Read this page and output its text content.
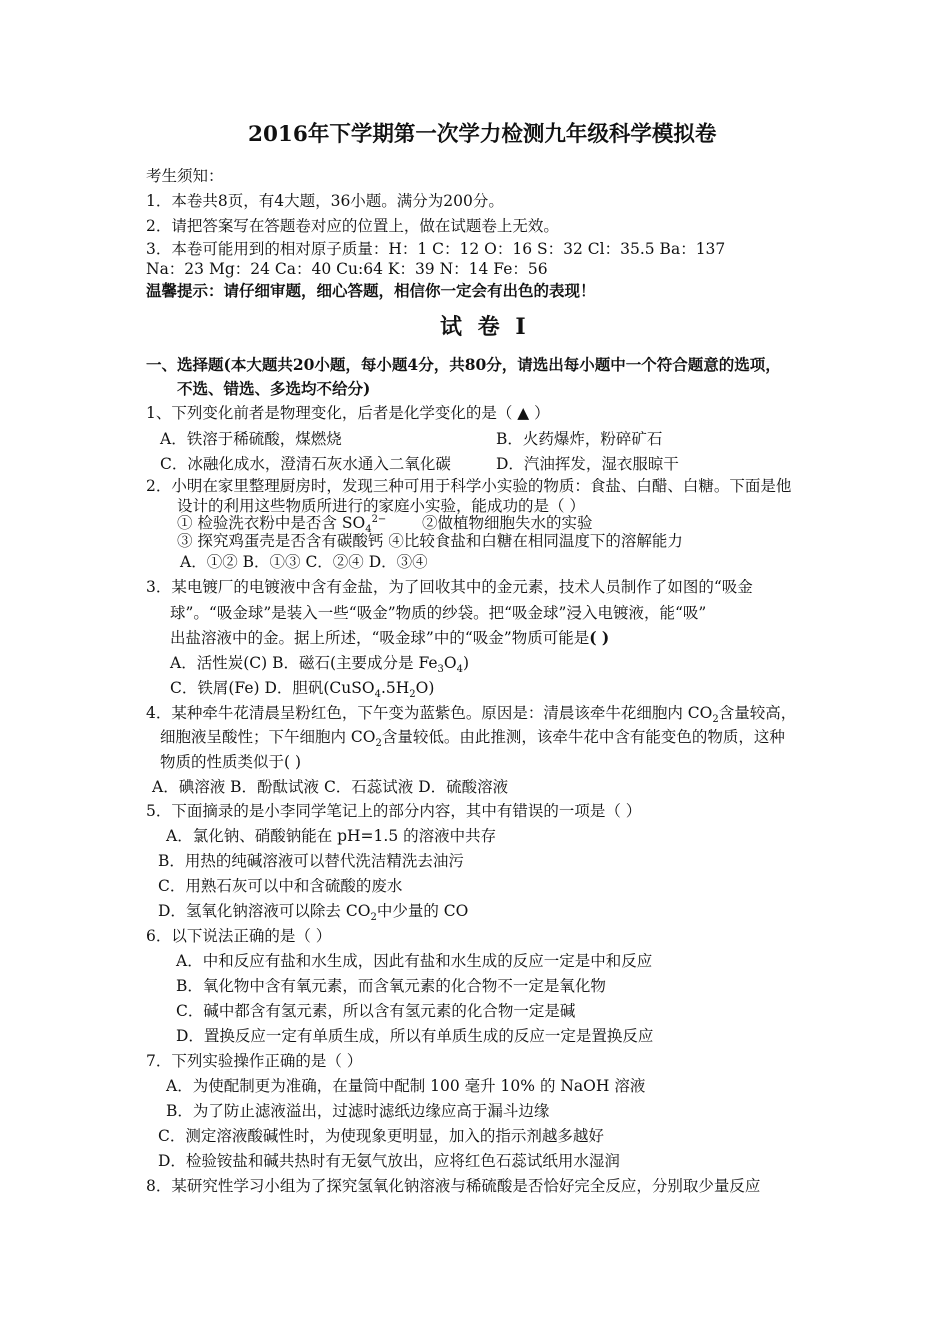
2016年下学期第一次学力检测九年级科学模拟卷
考生须知：
1．本卷共8页，有4大题，36小题。满分为200分。
2．请把答案写在答题卷对应的位置上，做在试题卷上无效。
3．本卷可能用到的相对原子质量：H：1 C：12 O：16 S：32 Cl：35.5 Ba：137
Na：23 Mg：24 Ca：40 Cu:64 K：39 N：14 Fe：56
温馨提示：请仔细审题，细心答题，相信你一定会有出色的表现！
试 卷 I
一、选择题(本大题共20小题，每小题4分，共80分，请选出每小题中一个符合题意的选项，
不选、错选、多选均不给分)
1、下列变化前者是物理变化，后者是化学变化的是（ ▲ ）
A．铁溶于稀硫酸，煤燃烧	B．火药爆炸，粉碎矿石
C．冰融化成水，澄清石灰水通入二氧化碳	D．汽油挥发，湿衣服晾干
2．小明在家里整理厨房时，发现三种可用于科学小实验的物质：食盐、白醋、白糖。下面是他
设计的利用这些物质所进行的家庭小实验，能成功的是（ ）
① 检验洗衣粉中是否含 $SO_4^{2-}$ ②做植物细胞失水的实验
③ 探究鸡蛋壳是否含有碳酸钙 ④比较食盐和白糖在相同温度下的溶解能力
A．①② B．①③ C．②④ D．③④
3．某电镀厂的电镀液中含有金盐，为了回收其中的金元素，技术人员制作了如图的“吸金
球”。“吸金球”是装入一些“吸金”物质的纱袋。把“吸金球”浸入电镀液，能“吸”
出盐溶液中的金。据上所述，“吸金球”中的“吸金”物质可能是( )
A．活性炭(C) B．磁石(主要成分是 $Fe_3O_4$)
C．铁屑(Fe) D．胆矾$(CuSO_4.5H_2O)$
4．某种牵牛花清晨呈粉红色，下午变为蓝紫色。原因是：清晨该牵牛花细胞内 $CO_2$含量较高，
细胞液呈酸性；下午细胞内 $CO_2$含量较低。由此推测，该牵牛花中含有能变色的物质，这种
物质的性质类似于( )
A．碘溶液 B．酚酞试液 C．石蕊试液 D．硫酸溶液
5．下面摘录的是小李同学笔记上的部分内容，其中有错误的一项是（ ）
A．氯化钠、硝酸钠能在 pH=1.5 的溶液中共存
B．用热的纯碱溶液可以替代洗洁精洗去油污
C．用熟石灰可以中和含硫酸的废水
D．氢氧化钠溶液可以除去 $CO_2$中少量的 CO
6．以下说法正确的是（ ）
A．中和反应有盐和水生成，因此有盐和水生成的反应一定是中和反应
B．氧化物中含有氧元素，而含氧元素的化合物不一定是氧化物
C．碱中都含有氢元素，所以含有氢元素的化合物一定是碱
D．置换反应一定有单质生成，所以有单质生成的反应一定是置换反应
7．下列实验操作正确的是（ ）
A．为使配制更为准确，在量筒中配制 100 毫升 10% 的 NaOH 溶液
B．为了防止滤液溢出，过滤时滤纸边缘应高于漏斗边缘
C．测定溶液酸碱性时，为使现象更明显，加入的指示剂越多越好
D．检验铵盐和碱共热时有无氨气放出，应将红色石蕊试纸用水湿润
8．某研究性学习小组为了探究氢氧化钠溶液与稀硫酸是否恰好完全反应，分别取少量反应
